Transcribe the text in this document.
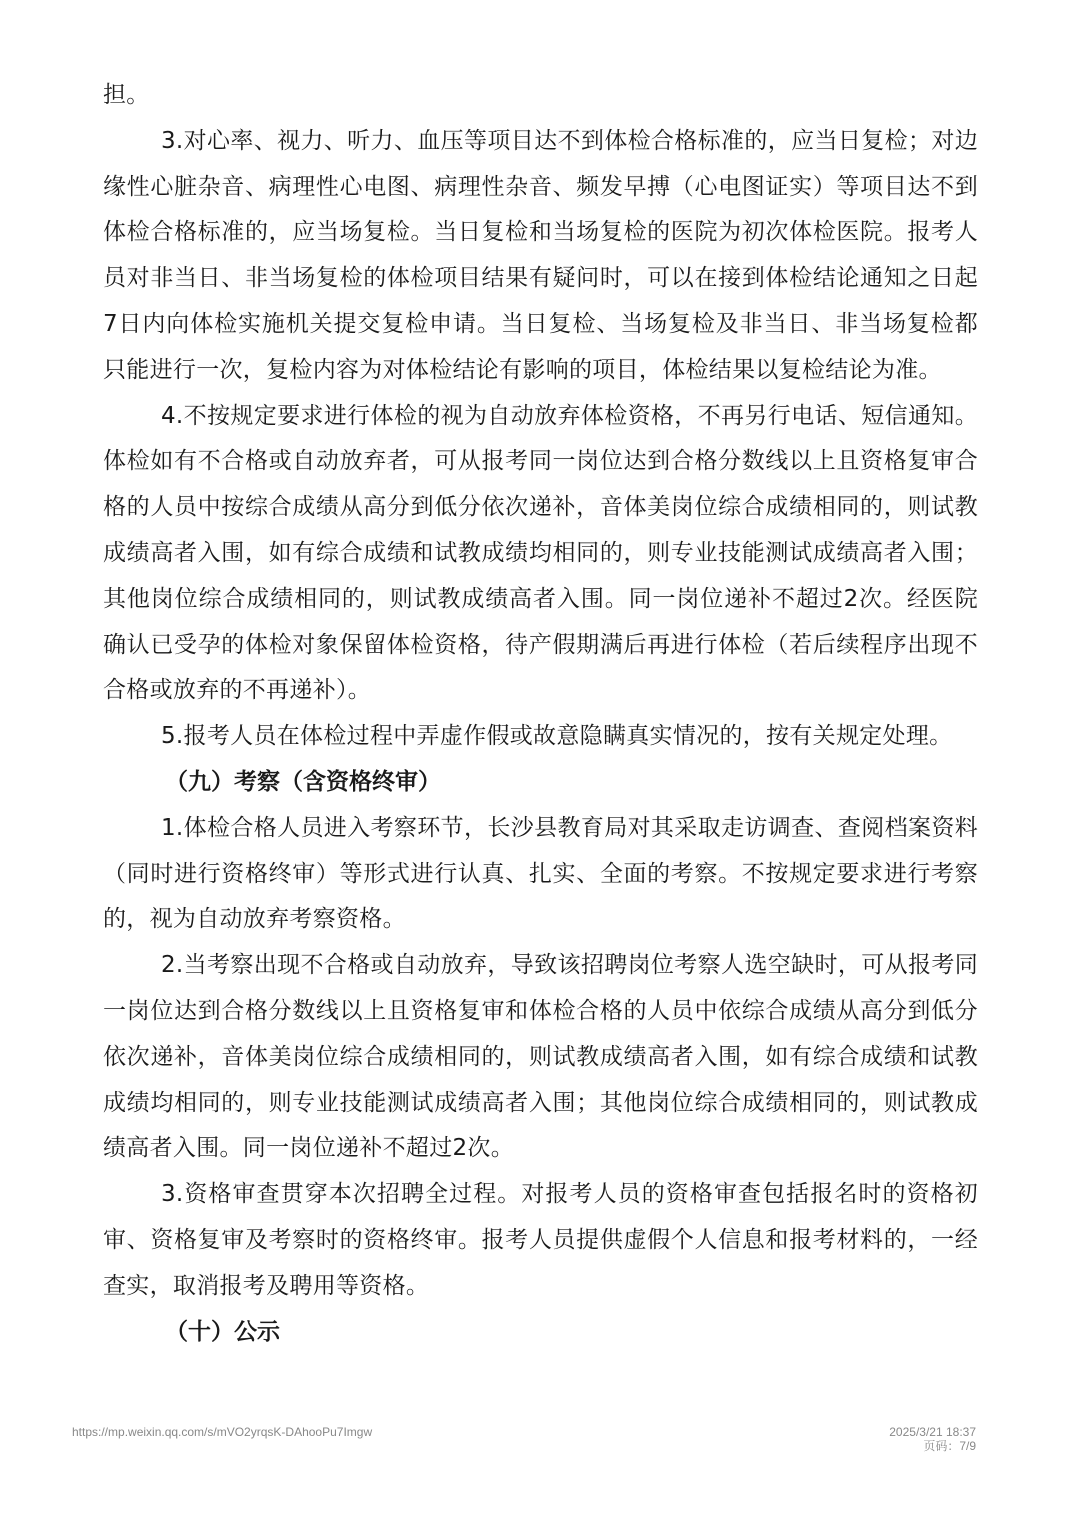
担。

3.对心率、视力、听力、血压等项目达不到体检合格标准的，应当日复检；对边缘性心脏杂音、病理性心电图、病理性杂音、频发早搏（心电图证实）等项目达不到体检合格标准的，应当场复检。当日复检和当场复检的医院为初次体检医院。报考人员对非当日、非当场复检的体检项目结果有疑问时，可以在接到体检结论通知之日起7日内向体检实施机关提交复检申请。当日复检、当场复检及非当日、非当场复检都只能进行一次，复检内容为对体检结论有影响的项目，体检结果以复检结论为准。

4.不按规定要求进行体检的视为自动放弃体检资格，不再另行电话、短信通知。体检如有不合格或自动放弃者，可从报考同一岗位达到合格分数线以上且资格复审合格的人员中按综合成绩从高分到低分依次递补，音体美岗位综合成绩相同的，则试教成绩高者入围，如有综合成绩和试教成绩均相同的，则专业技能测试成绩高者入围；其他岗位综合成绩相同的，则试教成绩高者入围。同一岗位递补不超过2次。经医院确认已受孕的体检对象保留体检资格，待产假期满后再进行体检（若后续程序出现不合格或放弃的不再递补）。

5.报考人员在体检过程中弄虚作假或故意隐瞒真实情况的，按有关规定处理。

（九）考察（含资格终审）

1.体检合格人员进入考察环节，长沙县教育局对其采取走访调查、查阅档案资料（同时进行资格终审）等形式进行认真、扎实、全面的考察。不按规定要求进行考察的，视为自动放弃考察资格。

2.当考察出现不合格或自动放弃，导致该招聘岗位考察人选空缺时，可从报考同一岗位达到合格分数线以上且资格复审和体检合格的人员中依综合成绩从高分到低分依次递补，音体美岗位综合成绩相同的，则试教成绩高者入围，如有综合成绩和试教成绩均相同的，则专业技能测试成绩高者入围；其他岗位综合成绩相同的，则试教成绩高者入围。同一岗位递补不超过2次。

3.资格审查贯穿本次招聘全过程。对报考人员的资格审查包括报名时的资格初审、资格复审及考察时的资格终审。报考人员提供虚假个人信息和报考材料的，一经查实，取消报考及聘用等资格。

（十）公示

https://mp.weixin.qq.com/s/mVO2yrqsK-DAhooPu7Imgw	2025/3/21 18:37
页码：7/9
